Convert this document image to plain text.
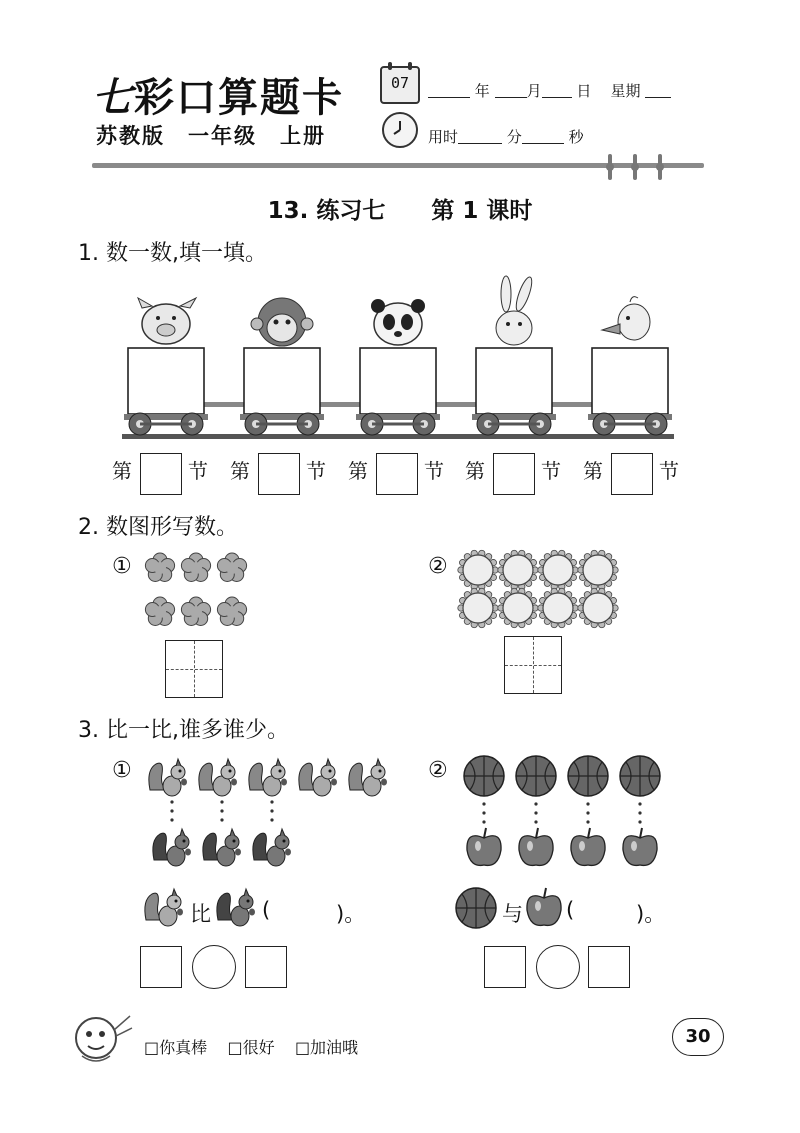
七彩口算题卡
苏教版　一年级　上册
07	年 月 日 星期
用时	分	秒
13. 练习七　　第 1 课时
1. 数一数,填一填。
第	节 第	节 第	节 第	节 第	节
2. 数图形写数。
①	②
3. 比一比,谁多谁少。
①	②
比 (	)。	与 (	)。
□你真棒 □很好 □加油哦
30
